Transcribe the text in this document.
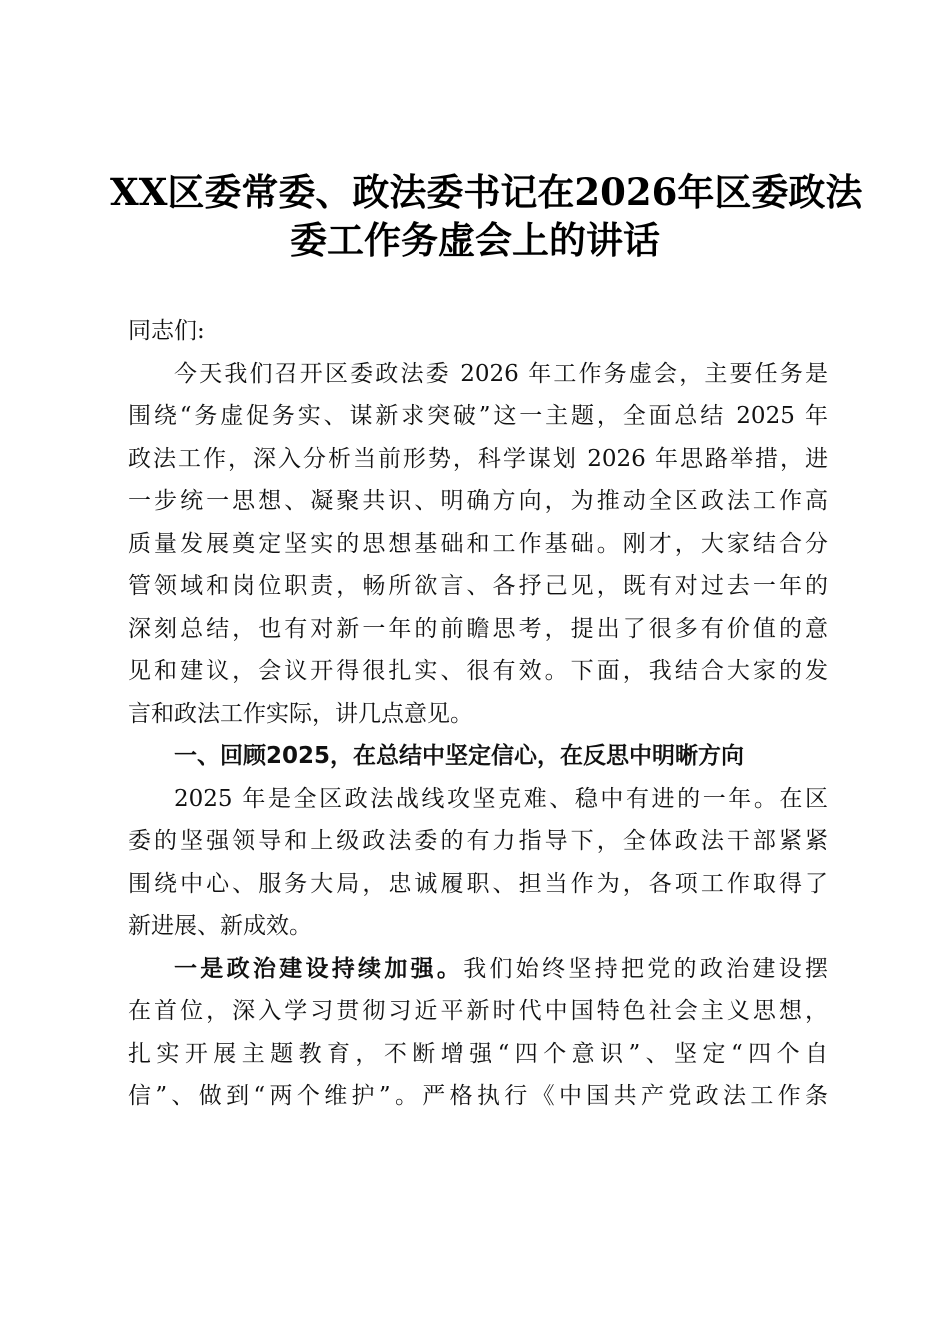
XX区委常委、政法委书记在2026年区委政法
委工作务虚会上的讲话

同志们:

今天我们召开区委政法委 2026 年工作务虚会，主要任务是

围绕“务虚促务实、谋新求突破”这一主题，全面总结 2025 年

政法工作，深入分析当前形势，科学谋划 2026 年思路举措，进

一步统一思想、凝聚共识、明确方向，为推动全区政法工作高

质量发展奠定坚实的思想基础和工作基础。刚才，大家结合分

管领域和岗位职责，畅所欲言、各抒己见，既有对过去一年的

深刻总结，也有对新一年的前瞻思考，提出了很多有价值的意

见和建议，会议开得很扎实、很有效。下面，我结合大家的发

言和政法工作实际，讲几点意见。

一、回顾2025，在总结中坚定信心，在反思中明晰方向

2025 年是全区政法战线攻坚克难、稳中有进的一年。在区

委的坚强领导和上级政法委的有力指导下，全体政法干部紧紧

围绕中心、服务大局，忠诚履职、担当作为，各项工作取得了

新进展、新成效。

一是政治建设持续加强。我们始终坚持把党的政治建设摆

在首位，深入学习贯彻习近平新时代中国特色社会主义思想，

扎实开展主题教育，不断增强“四个意识”、坚定“四个自

信”、做到“两个维护”。严格执行《中国共产党政法工作条
